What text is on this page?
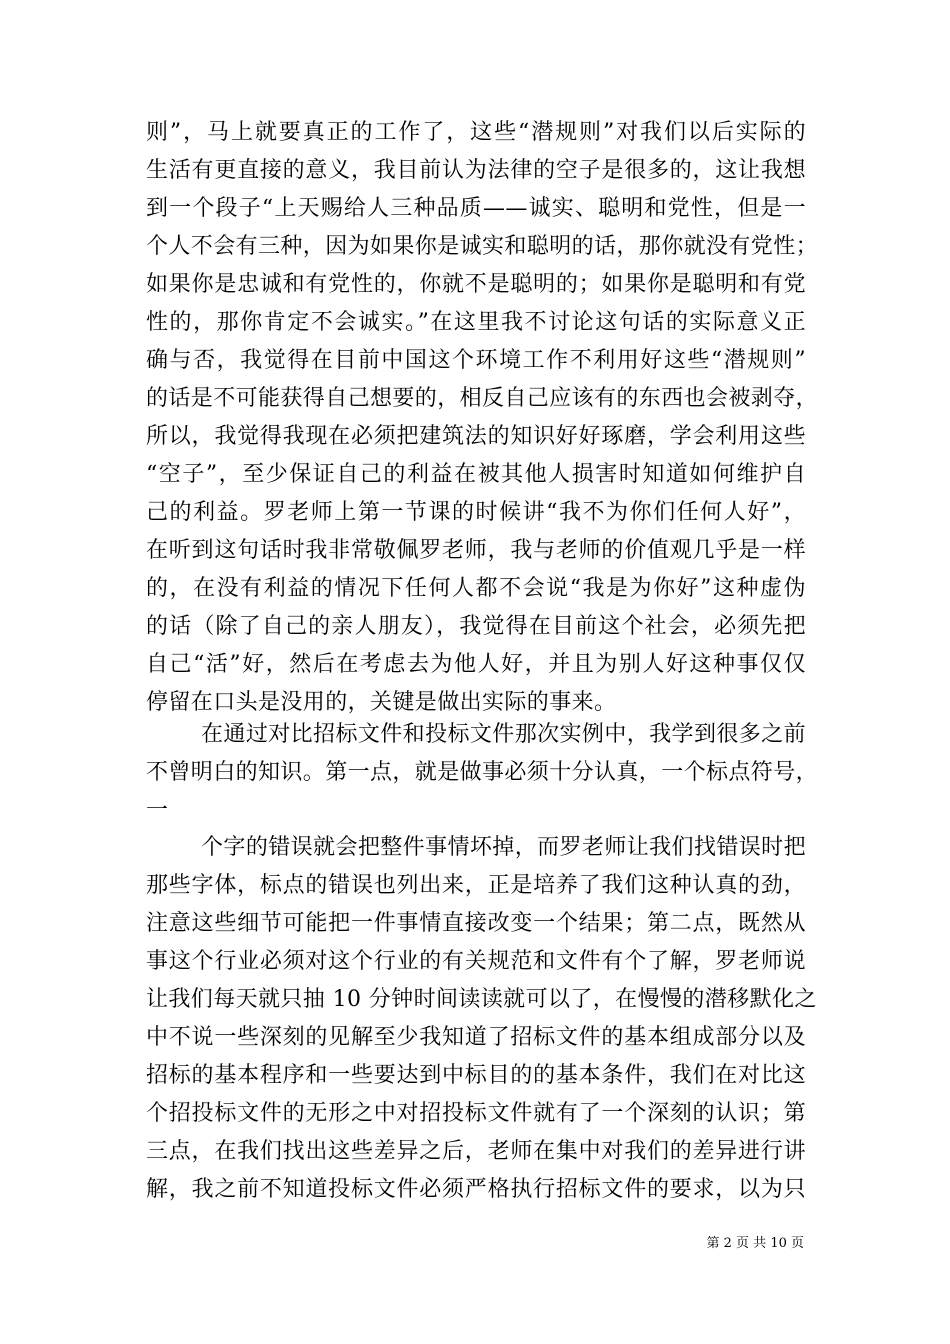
则”，马上就要真正的工作了，这些“潜规则”对我们以后实际的
生活有更直接的意义，我目前认为法律的空子是很多的，这让我想
到一个段子“上天赐给人三种品质——诚实、聪明和党性，但是一
个人不会有三种，因为如果你是诚实和聪明的话，那你就没有党性；
如果你是忠诚和有党性的，你就不是聪明的；如果你是聪明和有党
性的，那你肯定不会诚实。”在这里我不讨论这句话的实际意义正
确与否，我觉得在目前中国这个环境工作不利用好这些“潜规则”
的话是不可能获得自己想要的，相反自己应该有的东西也会被剥夺，
所以，我觉得我现在必须把建筑法的知识好好琢磨，学会利用这些
“空子”，至少保证自己的利益在被其他人损害时知道如何维护自
己的利益。罗老师上第一节课的时候讲“我不为你们任何人好”，
在听到这句话时我非常敬佩罗老师，我与老师的价值观几乎是一样
的，在没有利益的情况下任何人都不会说“我是为你好”这种虚伪
的话（除了自己的亲人朋友），我觉得在目前这个社会，必须先把
自己“活”好，然后在考虑去为他人好，并且为别人好这种事仅仅
停留在口头是没用的，关键是做出实际的事来。
在通过对比招标文件和投标文件那次实例中，我学到很多之前
不曾明白的知识。第一点，就是做事必须十分认真，一个标点符号，
一
个字的错误就会把整件事情坏掉，而罗老师让我们找错误时把
那些字体，标点的错误也列出来，正是培养了我们这种认真的劲，
注意这些细节可能把一件事情直接改变一个结果；第二点，既然从
事这个行业必须对这个行业的有关规范和文件有个了解，罗老师说
让我们每天就只抽 10 分钟时间读读就可以了，在慢慢的潜移默化之
中不说一些深刻的见解至少我知道了招标文件的基本组成部分以及
招标的基本程序和一些要达到中标目的的基本条件，我们在对比这
个招投标文件的无形之中对招投标文件就有了一个深刻的认识；第
三点，在我们找出这些差异之后，老师在集中对我们的差异进行讲
解，我之前不知道投标文件必须严格执行招标文件的要求，以为只
第 2 页 共 10 页
